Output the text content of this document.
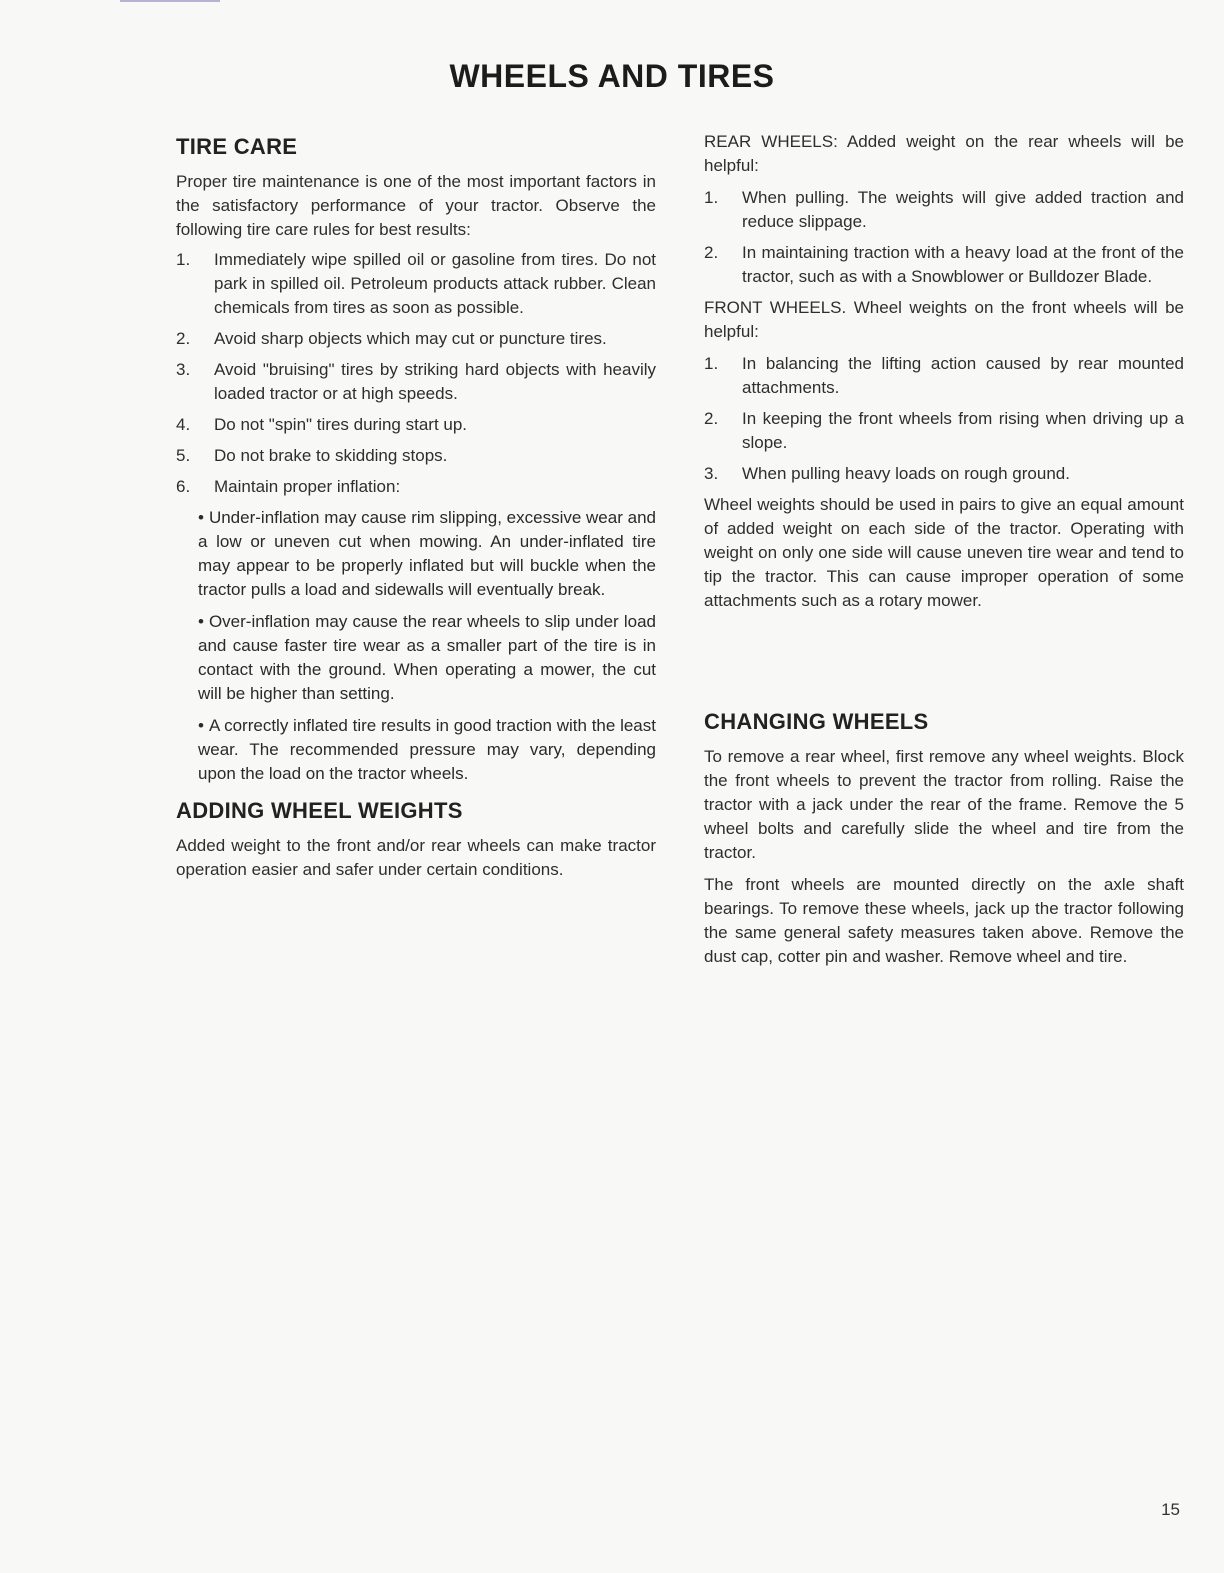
WHEELS AND TIRES
TIRE CARE

Proper tire maintenance is one of the most important factors in the satisfactory performance of your tractor. Observe the following tire care rules for best results:

1.	Immediately wipe spilled oil or gasoline from tires. Do not park in spilled oil. Petroleum products attack rubber. Clean chemicals from tires as soon as possible.
2.	Avoid sharp objects which may cut or puncture tires.
3.	Avoid "bruising" tires by striking hard objects with heavily loaded tractor or at high speeds.
4.	Do not "spin" tires during start up.
5.	Do not brake to skidding stops.
6.	Maintain proper inflation:
• Under-inflation may cause rim slipping, excessive wear and a low or uneven cut when mowing. An under-inflated tire may appear to be properly inflated but will buckle when the tractor pulls a load and sidewalls will eventually break.
• Over-inflation may cause the rear wheels to slip under load and cause faster tire wear as a smaller part of the tire is in contact with the ground. When operating a mower, the cut will be higher than setting.
• A correctly inflated tire results in good traction with the least wear. The recommended pressure may vary, depending upon the load on the tractor wheels.
ADDING WHEEL WEIGHTS

Added weight to the front and/or rear wheels can make tractor operation easier and safer under certain conditions.

REAR WHEELS: Added weight on the rear wheels will be helpful:

1.	When pulling. The weights will give added traction and reduce slippage.
2.	In maintaining traction with a heavy load at the front of the tractor, such as with a Snowblower or Bulldozer Blade.

FRONT WHEELS. Wheel weights on the front wheels will be helpful:

1.	In balancing the lifting action caused by rear mounted attachments.
2.	In keeping the front wheels from rising when driving up a slope.
3.	When pulling heavy loads on rough ground.

Wheel weights should be used in pairs to give an equal amount of added weight on each side of the tractor. Operating with weight on only one side will cause uneven tire wear and tend to tip the tractor. This can cause improper operation of some attachments such as a rotary mower.

CHANGING WHEELS

To remove a rear wheel, first remove any wheel weights. Block the front wheels to prevent the tractor from rolling. Raise the tractor with a jack under the rear of the frame. Remove the 5 wheel bolts and carefully slide the wheel and tire from the tractor.

The front wheels are mounted directly on the axle shaft bearings. To remove these wheels, jack up the tractor following the same general safety measures taken above. Remove the dust cap, cotter pin and washer. Remove wheel and tire.

15
